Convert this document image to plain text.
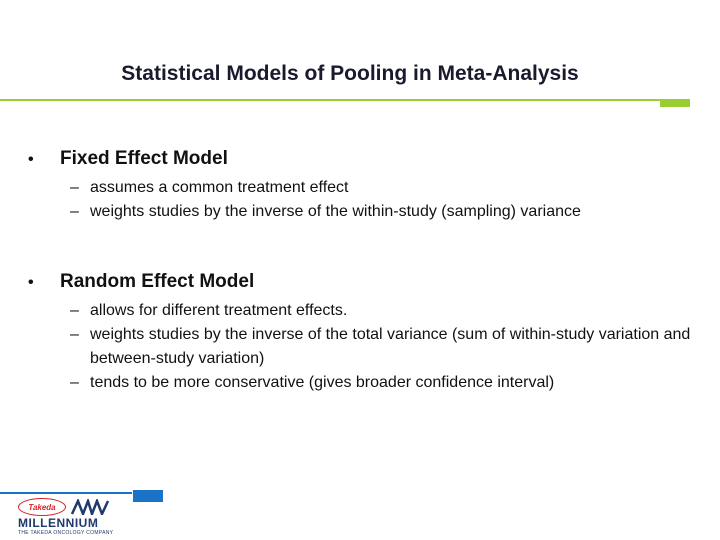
Statistical Models of Pooling in Meta-Analysis
•	Fixed Effect Model
– assumes a common treatment effect
– weights studies by the inverse of the within-study (sampling) variance
•	Random Effect Model
– allows for different treatment effects.
– weights studies by the inverse of the total variance (sum of within-study variation and between-study variation)
– tends to be more conservative (gives broader confidence interval)
Takeda
MILLENNIUM
THE TAKEDA ONCOLOGY COMPANY
